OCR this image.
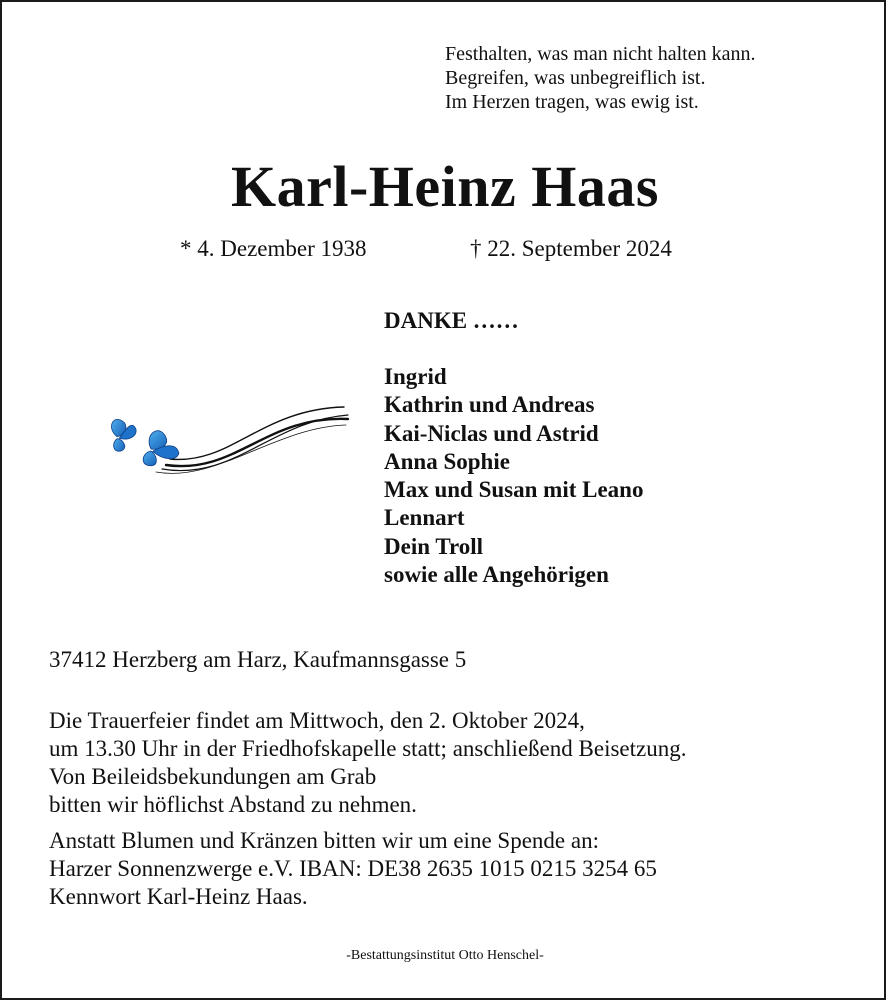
Festhalten, was man nicht halten kann.
Begreifen, was unbegreiflich ist.
Im Herzen tragen, was ewig ist.
Karl-Heinz Haas
* 4. Dezember 1938	† 22. September 2024
DANKE ……
Ingrid
Kathrin und Andreas
Kai-Niclas und Astrid
Anna Sophie
Max und Susan mit Leano
Lennart
Dein Troll
sowie alle Angehörigen
37412 Herzberg am Harz, Kaufmannsgasse 5
Die Trauerfeier findet am Mittwoch, den 2. Oktober 2024,
um 13.30 Uhr in der Friedhofskapelle statt; anschließend Beisetzung.
Von Beileidsbekundungen am Grab
bitten wir höflichst Abstand zu nehmen.
Anstatt Blumen und Kränzen bitten wir um eine Spende an:
Harzer Sonnenzwerge e.V. IBAN: DE38 2635 1015 0215 3254 65
Kennwort Karl-Heinz Haas.
-Bestattungsinstitut Otto Henschel-
